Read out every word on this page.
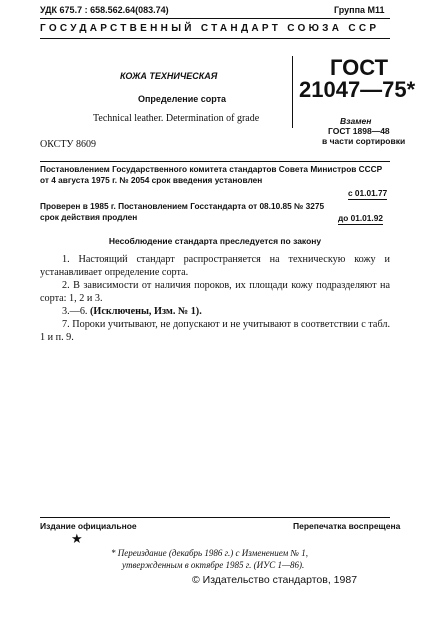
УДК 675.7 : 658.562.64(083.74)	Группа М11
ГОСУДАРСТВЕННЫЙ СТАНДАРТ СОЮЗА ССР
КОЖА ТЕХНИЧЕСКАЯ
Определение сорта
Technical leather. Determination of grade
ГОСТ
21047—75*
Взамен
ГОСТ 1898—48
в части сортировки
ОКСТУ 8609
Постановлением Государственного комитета стандартов Совета Министров СССР
от 4 августа 1975 г. № 2054 срок введения установлен
с 01.01.77
Проверен в 1985 г. Постановлением Госстандарта от 08.10.85 № 3275
срок действия продлен	до 01.01.92
Несоблюдение стандарта преследуется по закону
1. Настоящий стандарт распространяется на техническую кожу и устанавливает определение сорта.
2. В зависимости от наличия пороков, их площади кожу подразделяют на сорта: 1, 2 и 3.
3.—6. (Исключены, Изм. № 1).
7. Пороки учитывают, не допускают и не учитывают в соответствии с табл. 1 и п. 9.
Издание официальное	Перепечатка воспрещена
★
* Переиздание (декабрь 1986 г.) с Изменением № 1,
утвержденным в октябре 1985 г. (ИУС 1—86).
© Издательство стандартов, 1987
